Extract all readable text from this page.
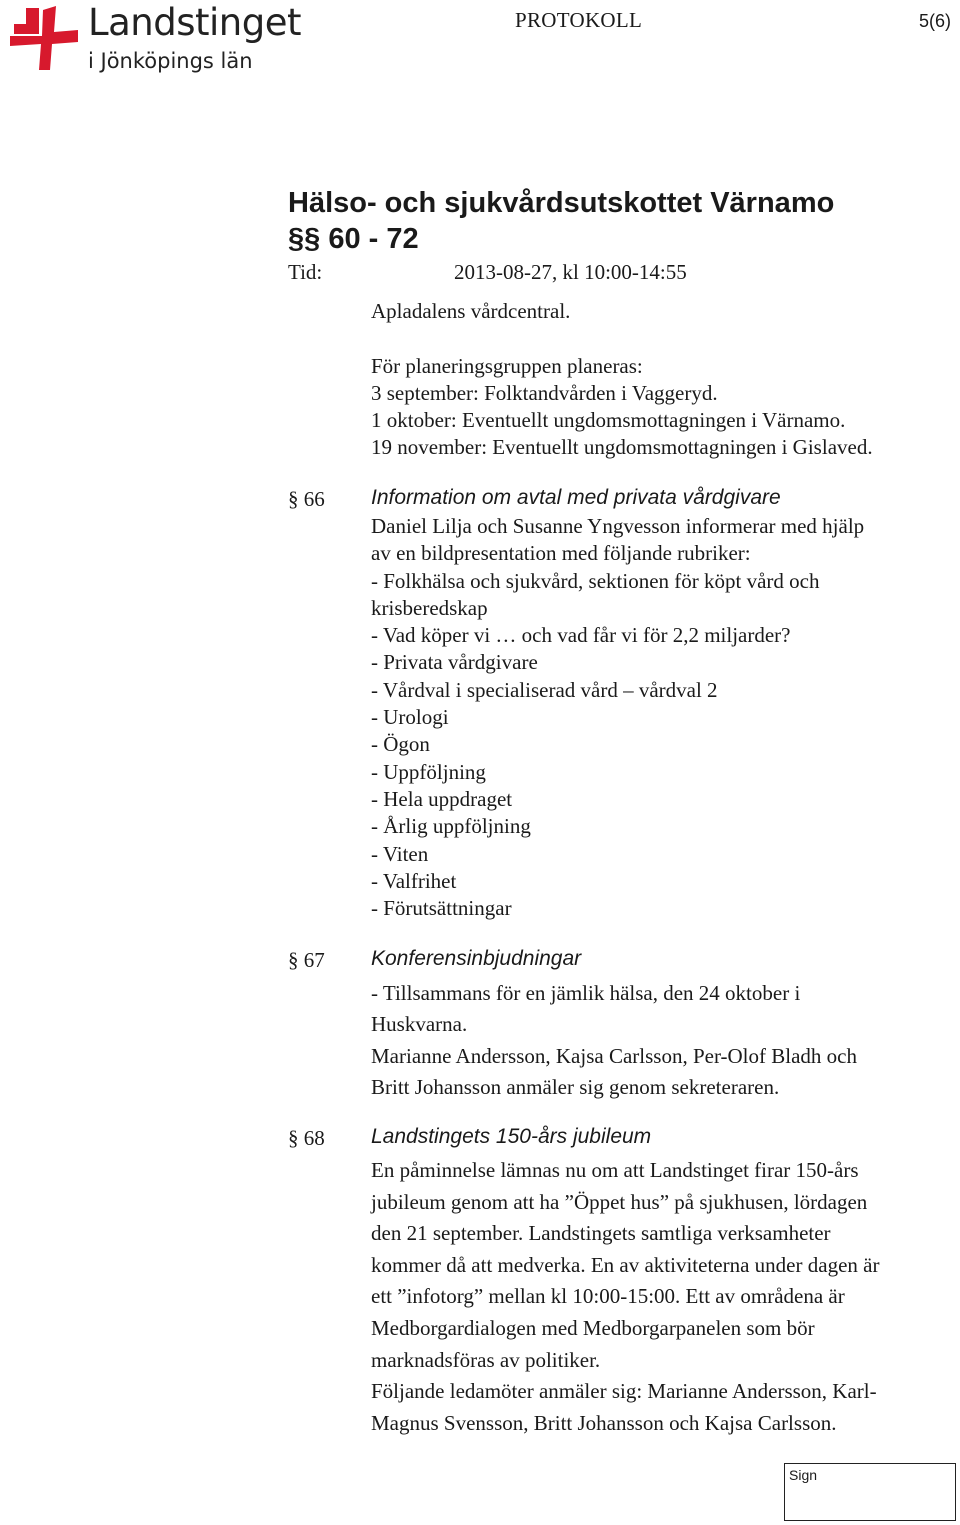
Landstinget
i Jönköpings län
PROTOKOLL	5(6)
Hälso- och sjukvårdsutskottet Värnamo
§§ 60 - 72
Tid:	2013-08-27, kl 10:00-14:55
Apladalens vårdcentral.
För planeringsgruppen planeras:
3 september: Folktandvården i Vaggeryd.
1 oktober: Eventuellt ungdomsmottagningen i Värnamo.
19 november: Eventuellt ungdomsmottagningen i Gislaved.
§ 66 Information om avtal med privata vårdgivare
Daniel Lilja och Susanne Yngvesson informerar med hjälp
av en bildpresentation med följande rubriker:
- Folkhälsa och sjukvård, sektionen för köpt vård och
krisberedskap
- Vad köper vi … och vad får vi för 2,2 miljarder?
- Privata vårdgivare
- Vårdval i specialiserad vård – vårdval 2
- Urologi
- Ögon
- Uppföljning
- Hela uppdraget
- Årlig uppföljning
- Viten
- Valfrihet
- Förutsättningar
§ 67 Konferensinbjudningar
- Tillsammans för en jämlik hälsa, den 24 oktober i
Huskvarna.
Marianne Andersson, Kajsa Carlsson, Per-Olof Bladh och
Britt Johansson anmäler sig genom sekreteraren.
§ 68 Landstingets 150-års jubileum
En påminnelse lämnas nu om att Landstinget firar 150-års
jubileum genom att ha ”Öppet hus” på sjukhusen, lördagen
den 21 september. Landstingets samtliga verksamheter
kommer då att medverka. En av aktiviteterna under dagen är
ett ”infotorg” mellan kl 10:00-15:00. Ett av områdena är
Medborgardialogen med Medborgarpanelen som bör
marknadsföras av politiker.
Följande ledamöter anmäler sig: Marianne Andersson, Karl-
Magnus Svensson, Britt Johansson och Kajsa Carlsson.
Sign
